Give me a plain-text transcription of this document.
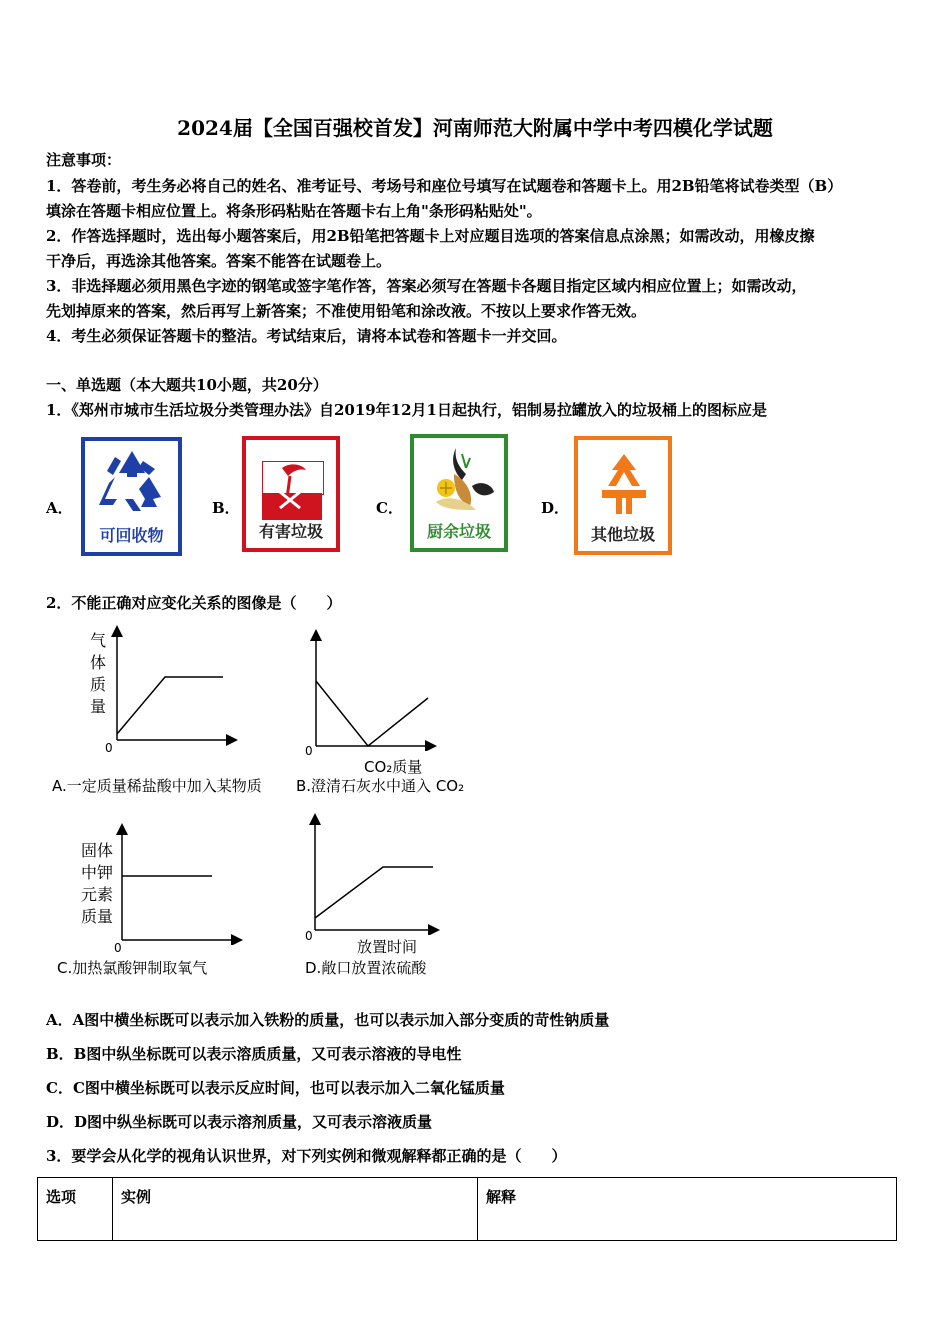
2024届【全国百强校首发】河南师范大附属中学中考四模化学试题
注意事项：
1．答卷前，考生务必将自己的姓名、准考证号、考场号和座位号填写在试题卷和答题卡上。用2B铅笔将试卷类型（B）
填涂在答题卡相应位置上。将条形码粘贴在答题卡右上角"条形码粘贴处"。
2．作答选择题时，选出每小题答案后，用2B铅笔把答题卡上对应题目选项的答案信息点涂黑；如需改动，用橡皮擦
干净后，再选涂其他答案。答案不能答在试题卷上。
3．非选择题必须用黑色字迹的钢笔或签字笔作答，答案必须写在答题卡各题目指定区域内相应位置上；如需改动，
先划掉原来的答案，然后再写上新答案；不准使用铅笔和涂改液。不按以上要求作答无效。
4．考生必须保证答题卡的整洁。考试结束后，请将本试卷和答题卡一并交回。
一、单选题（本大题共10小题，共20分）
1．《郑州市城市生活垃圾分类管理办法》自2019年12月1日起执行，铝制易拉罐放入的垃圾桶上的图标应是
A．
可回收物
B．
有害垃圾
C．
厨余垃圾
D．
其他垃圾
2．不能正确对应变化关系的图像是（　　）
气
体
质
量
0
A.一定质量稀盐酸中加入某物质
0
CO₂质量
B.澄清石灰水中通入 CO₂
固体
中钾
元素
质量
0
C.加热氯酸钾制取氧气
0
放置时间
D.敞口放置浓硫酸
A．A图中横坐标既可以表示加入铁粉的质量，也可以表示加入部分变质的苛性钠质量
B．B图中纵坐标既可以表示溶质质量，又可表示溶液的导电性
C．C图中横坐标既可以表示反应时间，也可以表示加入二氧化锰质量
D．D图中纵坐标既可以表示溶剂质量，又可表示溶液质量
3．要学会从化学的视角认识世界，对下列实例和微观解释都正确的是（　　）
选项	实例	解释
